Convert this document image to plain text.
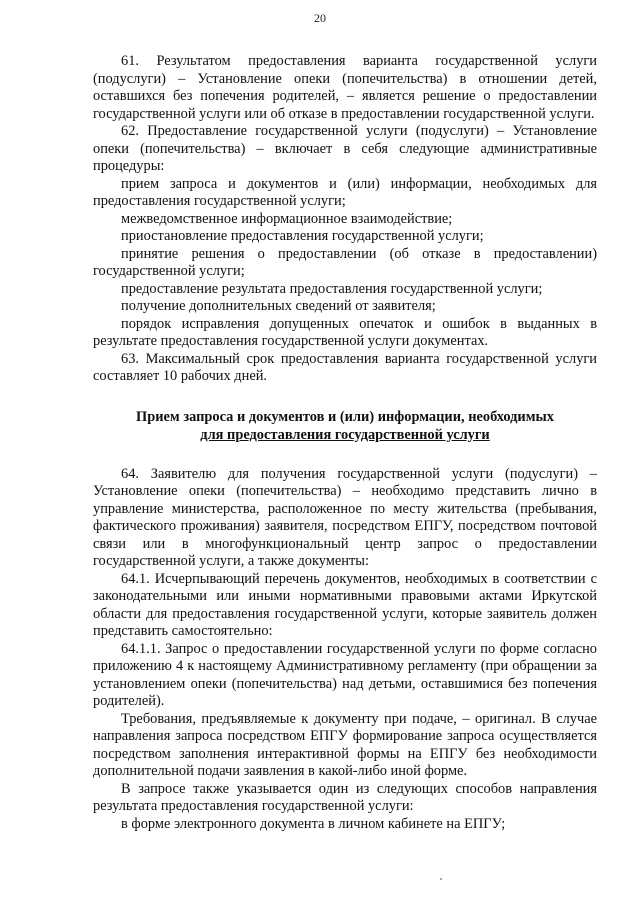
20

61. Результатом предоставления варианта государственной услуги (подуслуги) – Установление опеки (попечительства) в отношении детей, оставшихся без попечения родителей, – является решение о предоставлении государственной услуги или об отказе в предоставлении государственной услуги.

62. Предоставление государственной услуги (подуслуги) – Установление опеки (попечительства) – включает в себя следующие административные процедуры:

прием запроса и документов и (или) информации, необходимых для предоставления государственной услуги;

межведомственное информационное взаимодействие;

приостановление предоставления государственной услуги;

принятие решения о предоставлении (об отказе в предоставлении) государственной услуги;

предоставление результата предоставления государственной услуги;

получение дополнительных сведений от заявителя;

порядок исправления допущенных опечаток и ошибок в выданных в результате предоставления государственной услуги документах.

63. Максимальный срок предоставления варианта государственной услуги составляет 10 рабочих дней.

Прием запроса и документов и (или) информации, необходимых
для предоставления государственной услуги

64. Заявителю для получения государственной услуги (подуслуги) – Установление опеки (попечительства) – необходимо представить лично в управление министерства, расположенное по месту жительства (пребывания, фактического проживания) заявителя, посредством ЕПГУ, посредством почтовой связи или в многофункциональный центр запрос о предоставлении государственной услуги, а также документы:

64.1. Исчерпывающий перечень документов, необходимых в соответствии с законодательными или иными нормативными правовыми актами Иркутской области для предоставления государственной услуги, которые заявитель должен представить самостоятельно:

64.1.1. Запрос о предоставлении государственной услуги по форме согласно приложению 4 к настоящему Административному регламенту (при обращении за установлением опеки (попечительства) над детьми, оставшимися без попечения родителей).

Требования, предъявляемые к документу при подаче, – оригинал. В случае направления запроса посредством ЕПГУ формирование запроса осуществляется посредством заполнения интерактивной формы на ЕПГУ без необходимости дополнительной подачи заявления в какой-либо иной форме.

В запросе также указывается один из следующих способов направления результата предоставления государственной услуги:

в форме электронного документа в личном кабинете на ЕПГУ;
